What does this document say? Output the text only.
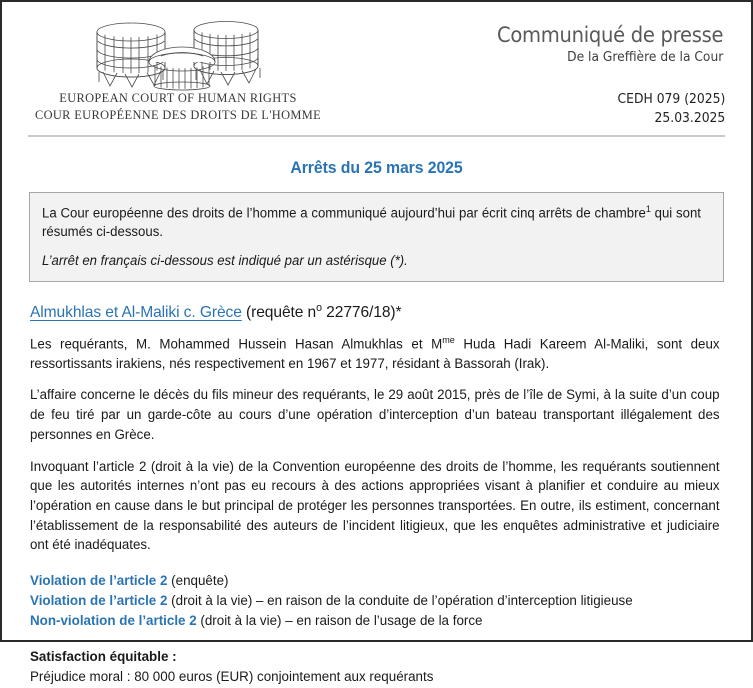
EUROPEAN COURT OF HUMAN RIGHTS
COUR EUROPÉENNE DES DROITS DE L'HOMME
Communiqué de presse
De la Greffière de la Cour
CEDH 079 (2025)
25.03.2025
Arrêts du 25 mars 2025

La Cour européenne des droits de l’homme a communiqué aujourd’hui par écrit cinq arrêts de chambre$^1$ qui sont résumés ci-dessous.

L’arrêt en français ci-dessous est indiqué par un astérisque (*).

Almukhlas et Al-Maliki c. Grèce (requête $n^o$ 22776/18)*

Les requérants, M. Mohammed Hussein Hasan Almukhlas et $M^{me}$ Huda Hadi Kareem Al-Maliki, sont deux ressortissants irakiens, nés respectivement en 1967 et 1977, résidant à Bassorah (Irak).

L’affaire concerne le décès du fils mineur des requérants, le 29 août 2015, près de l’île de Symi, à la suite d’un coup de feu tiré par un garde-côte au cours d’une opération d’interception d’un bateau transportant illégalement des personnes en Grèce.

Invoquant l’article 2 (droit à la vie) de la Convention européenne des droits de l’homme, les requérants soutiennent que les autorités internes n’ont pas eu recours à des actions appropriées visant à planifier et conduire au mieux l’opération en cause dans le but principal de protéger les personnes transportées. En outre, ils estiment, concernant l’établissement de la responsabilité des auteurs de l’incident litigieux, que les enquêtes administrative et judiciaire ont été inadéquates.

Violation de l’article 2 (enquête)
Violation de l’article 2 (droit à la vie) – en raison de la conduite de l’opération d’interception litigieuse
Non-violation de l’article 2 (droit à la vie) – en raison de l’usage de la force
Satisfaction équitable :
Préjudice moral : 80 000 euros (EUR) conjointement aux requérants
